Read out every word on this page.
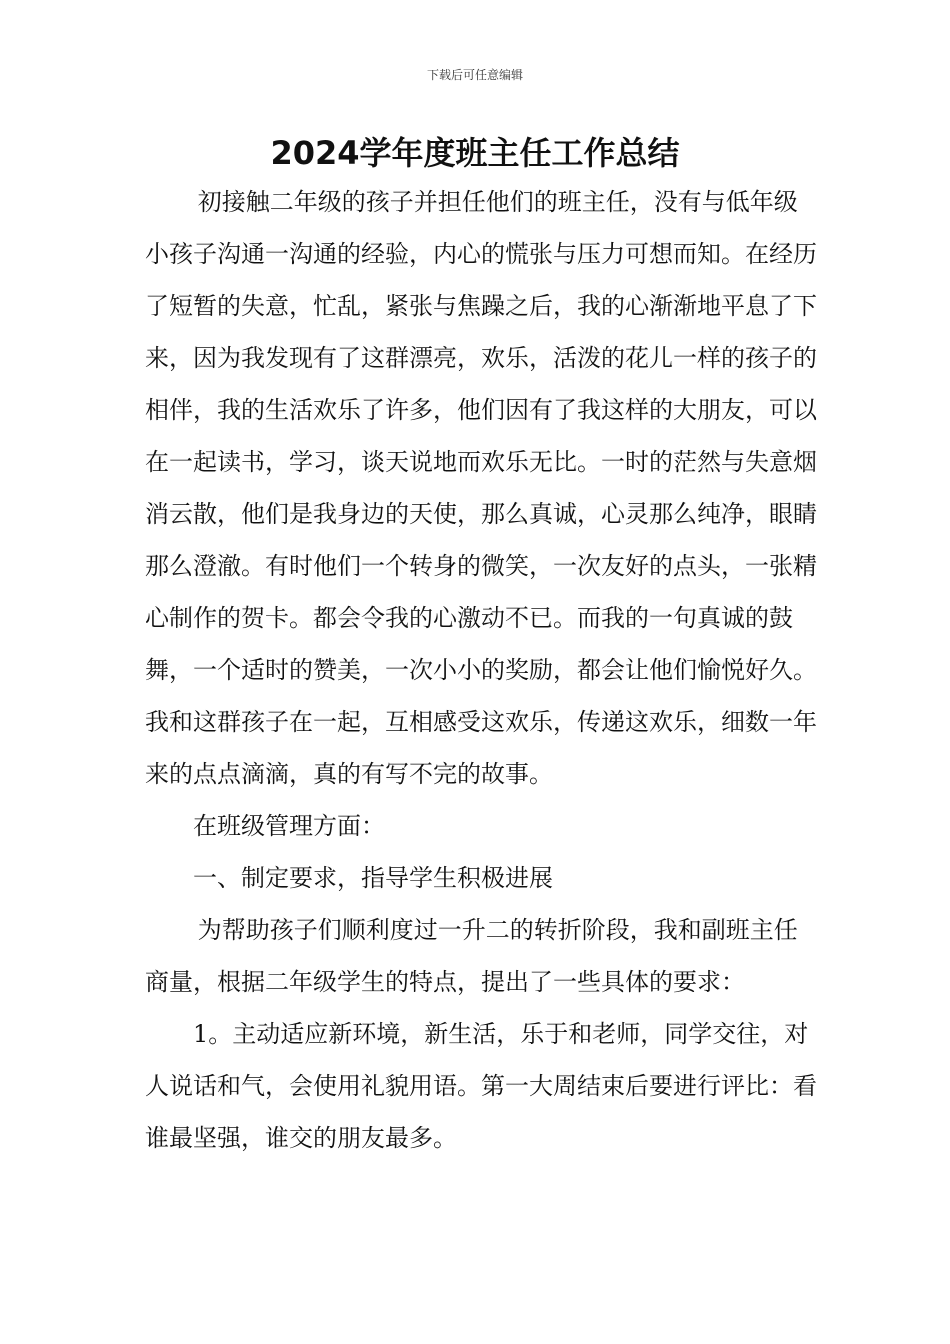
下载后可任意编辑
2024学年度班主任工作总结

初接触二年级的孩子并担任他们的班主任，没有与低年级小孩子沟通一沟通的经验，内心的慌张与压力可想而知。在经历了短暂的失意，忙乱，紧张与焦躁之后，我的心渐渐地平息了下来，因为我发现有了这群漂亮，欢乐，活泼的花儿一样的孩子的相伴，我的生活欢乐了许多，他们因有了我这样的大朋友，可以在一起读书，学习，谈天说地而欢乐无比。一时的茫然与失意烟消云散，他们是我身边的天使，那么真诚，心灵那么纯净，眼睛那么澄澈。有时他们一个转身的微笑，一次友好的点头，一张精心制作的贺卡。都会令我的心激动不已。而我的一句真诚的鼓舞，一个适时的赞美，一次小小的奖励，都会让他们愉悦好久。我和这群孩子在一起，互相感受这欢乐，传递这欢乐，细数一年来的点点滴滴，真的有写不完的故事。

在班级管理方面：

一、制定要求，指导学生积极进展

为帮助孩子们顺利度过一升二的转折阶段，我和副班主任商量，根据二年级学生的特点，提出了一些具体的要求：

1。主动适应新环境，新生活，乐于和老师，同学交往，对人说话和气，会使用礼貌用语。第一大周结束后要进行评比：看谁最坚强，谁交的朋友最多。
